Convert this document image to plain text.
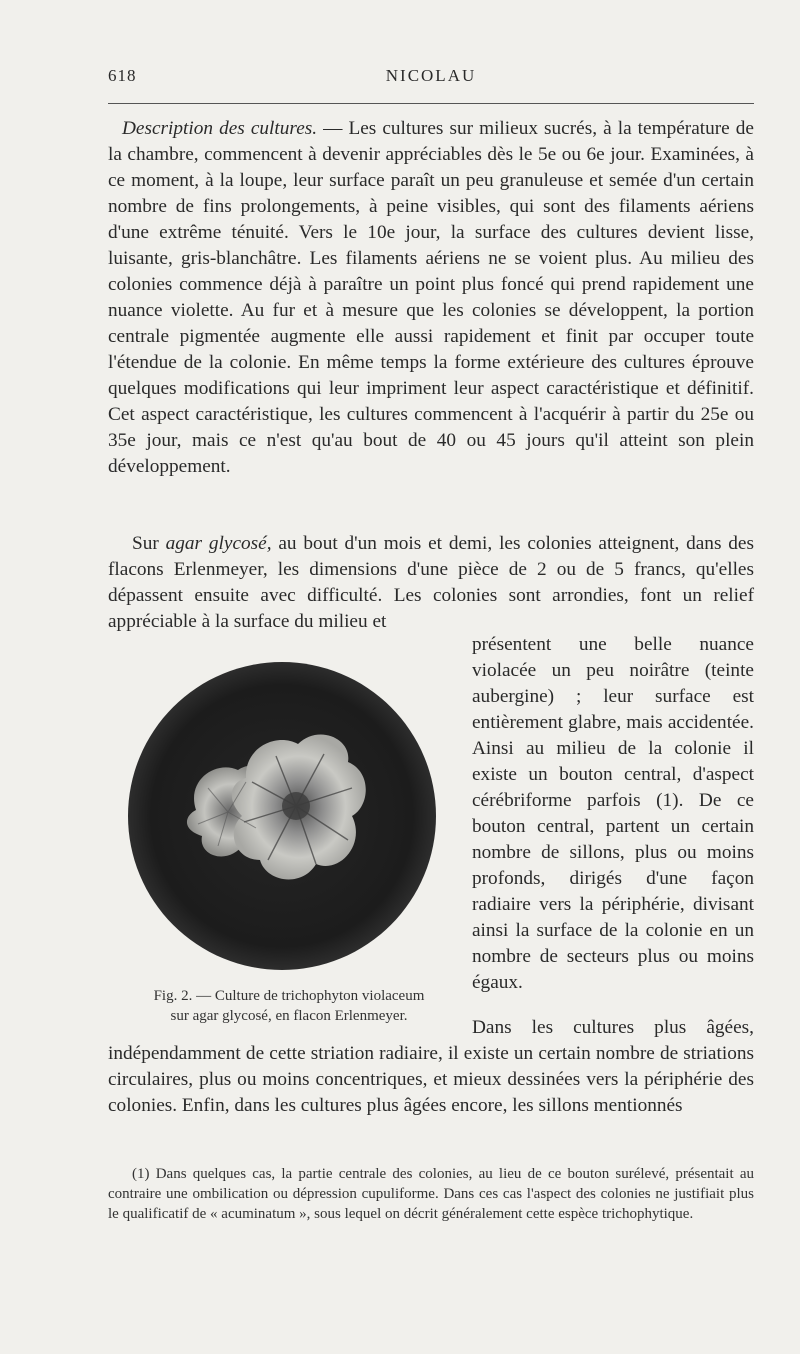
618	NICOLAU
Description des cultures. — Les cultures sur milieux sucrés, à la température de la chambre, commencent à devenir appréciables dès le 5e ou 6e jour. Examinées, à ce moment, à la loupe, leur surface paraît un peu granuleuse et semée d'un certain nombre de fins prolongements, à peine visibles, qui sont des filaments aériens d'une extrême ténuité. Vers le 10e jour, la surface des cultures devient lisse, luisante, gris-blanchâtre. Les filaments aériens ne se voient plus. Au milieu des colonies commence déjà à paraître un point plus foncé qui prend rapidement une nuance violette. Au fur et à mesure que les colonies se développent, la portion centrale pigmentée augmente elle aussi rapidement et finit par occuper toute l'étendue de la colonie. En même temps la forme extérieure des cultures éprouve quelques modifications qui leur impriment leur aspect caractéristique et définitif. Cet aspect caractéristique, les cultures commencent à l'acquérir à partir du 25e ou 35e jour, mais ce n'est qu'au bout de 40 ou 45 jours qu'il atteint son plein développement.
Sur agar glycosé, au bout d'un mois et demi, les colonies atteignent, dans des flacons Erlenmeyer, les dimensions d'une pièce de 2 ou de 5 francs, qu'elles dépassent ensuite avec difficulté. Les colonies sont arrondies, font un relief appréciable à la surface du milieu et
présentent une belle nuance violacée un peu noirâtre (teinte aubergine) ; leur surface est entièrement glabre, mais accidentée. Ainsi au milieu de la colonie il existe un bouton central, d'aspect cérébriforme parfois (1). De ce bouton central, partent un certain nombre de sillons, plus ou moins profonds, dirigés d'une façon radiaire vers la périphérie, divisant ainsi la surface de la colonie en un nombre de secteurs plus ou moins égaux.
Fig. 2. — Culture de trichophyton violaceum
sur agar glycosé, en flacon Erlenmeyer.
Dans les cultures plus âgées, indépendamment de cette striation radiaire, il existe un certain nombre de striations circulaires, plus ou moins concentriques, et mieux dessinées vers la périphérie des colonies. Enfin, dans les cultures plus âgées encore, les sillons mentionnés
(1) Dans quelques cas, la partie centrale des colonies, au lieu de ce bouton surélevé, présentait au contraire une ombilication ou dépression cupuliforme. Dans ces cas l'aspect des colonies ne justifiait plus le qualificatif de « acuminatum », sous lequel on décrit généralement cette espèce trichophytique.
